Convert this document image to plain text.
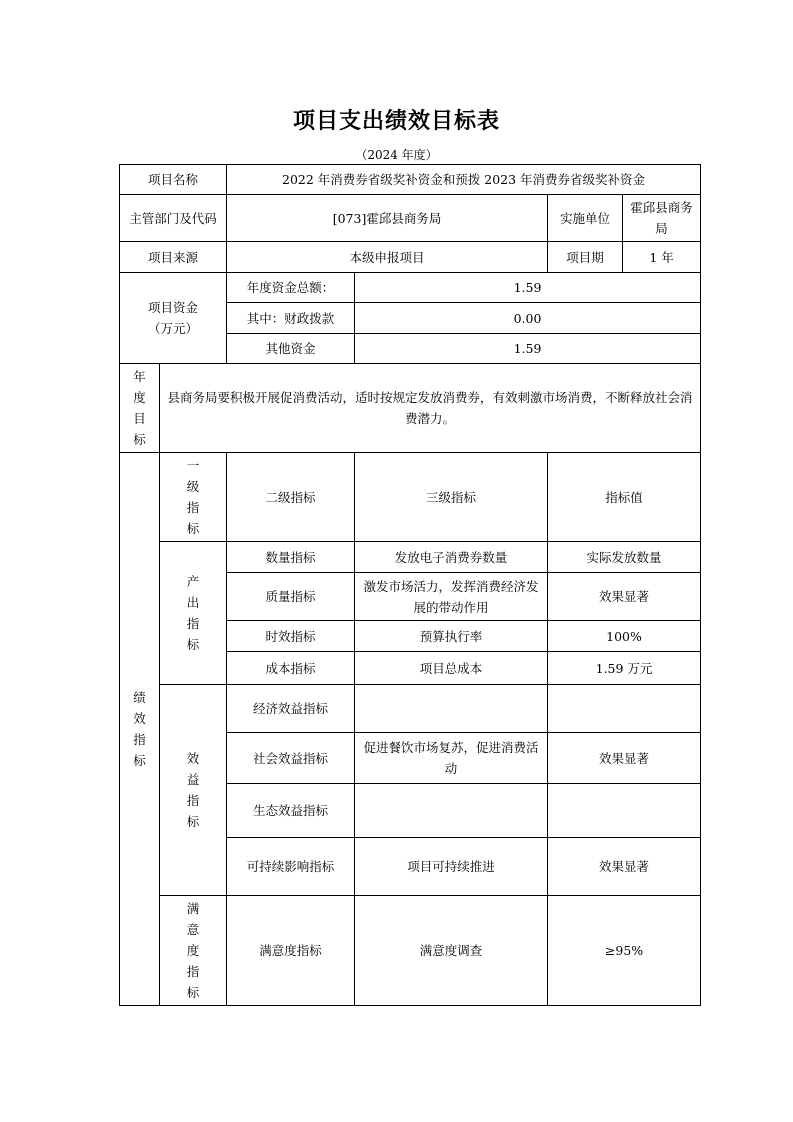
项目支出绩效目标表
（2024 年度）
项目名称		2022 年消费券省级奖补资金和预拨 2023 年消费券省级奖补资金			
主管部门及代码		[073]霍邱县商务局		实施单位	霍邱县商务局
项目来源		本级申报项目		项目期	1 年

项目资金
（万元）		年度资金总额：	1.59		
		其中：财政拨款	0.00		
		其他资金	1.59		

年
度
目
标	县商务局要积极开展促消费活动，适时按规定发放消费券，有效刺激市场消费，不断释放社会消费潜力。				

绩
效
指
标	一
级
指
标	二级指标	三级指标	指标值	

	产
出
指
标	数量指标	发放电子消费券数量	实际发放数量	
		质量指标	激发市场活力，发挥消费经济发展的带动作用	效果显著	
		时效指标	预算执行率	100%	
		成本指标	项目总成本	1.59 万元	

	效
益
指
标	经济效益指标			
		社会效益指标	促进餐饮市场复苏，促进消费活动	效果显著	
		生态效益指标			
		可持续影响指标	项目可持续推进	效果显著	

	满
意
度
指
标	满意度指标	满意度调查	≥95%	
